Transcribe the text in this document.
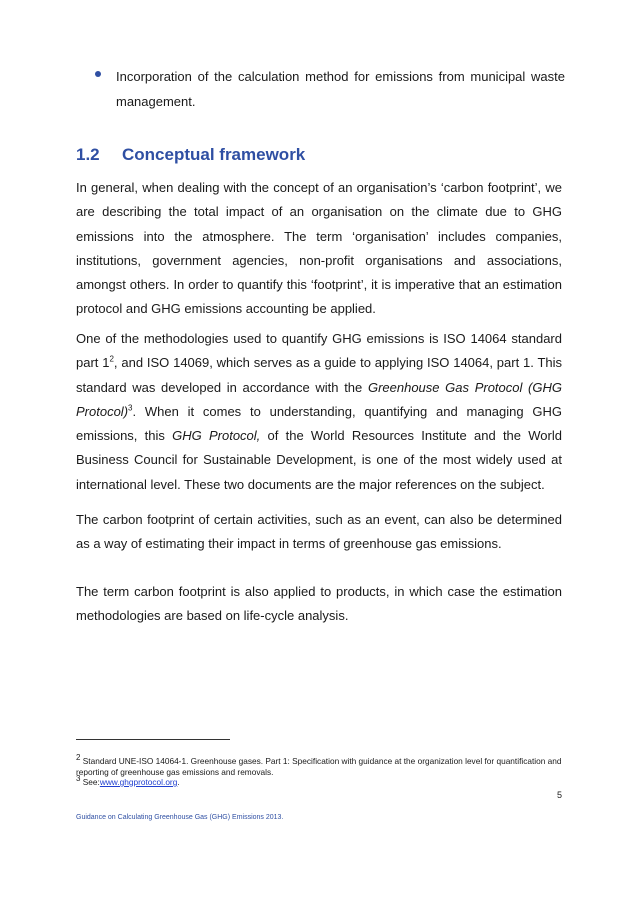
Incorporation of the calculation method for emissions from municipal waste management.
1.2 Conceptual framework

In general, when dealing with the concept of an organisation’s ‘carbon footprint’, we are describing the total impact of an organisation on the climate due to GHG emissions into the atmosphere. The term ‘organisation’ includes companies, institutions, government agencies, non-profit organisations and associations, amongst others. In order to quantify this ‘footprint’, it is imperative that an estimation protocol and GHG emissions accounting be applied.

One of the methodologies used to quantify GHG emissions is ISO 14064 standard part $1^2$, and ISO 14069, which serves as a guide to applying ISO 14064, part 1. This standard was developed in accordance with the Greenhouse Gas Protocol (GHG Protocol)$^3$. When it comes to understanding, quantifying and managing GHG emissions, this GHG Protocol, of the World Resources Institute and the World Business Council for Sustainable Development, is one of the most widely used at international level. These two documents are the major references on the subject.

The carbon footprint of certain activities, such as an event, can also be determined as a way of estimating their impact in terms of greenhouse gas emissions.

The term carbon footprint is also applied to products, in which case the estimation methodologies are based on life-cycle analysis.

$^2$ Standard UNE-ISO 14064-1. Greenhouse gases. Part 1: Specification with guidance at the organization level for quantification and reporting of greenhouse gas emissions and removals.

$^3$ See:www.ghgprotocol.org.

5
Guidance on Calculating Greenhouse Gas (GHG) Emissions 2013.
